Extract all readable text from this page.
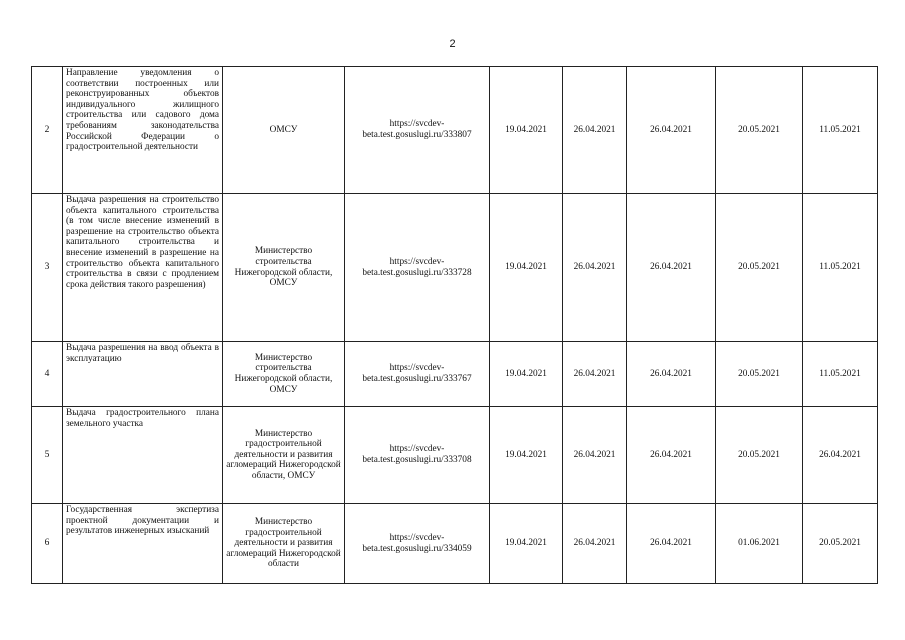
2
2	Направление уведомления о соответствии построенных или реконструированных объектов индивидуального жилищного строительства или садового дома требованиям законодательства Российской Федерации о градостроительной деятельности	ОМСУ	https://svcdev-
beta.test.gosuslugi.ru/333807	19.04.2021	26.04.2021	26.04.2021	20.05.2021	11.05.2021
3	Выдача разрешения на строительство объекта капитального строительства (в том числе внесение изменений в разрешение на строительство объекта капитального строительства и внесение изменений в разрешение на строительство объекта капитального строительства в связи с продлением срока действия такого разрешения)	Министерство строительства Нижегородской области, ОМСУ	https://svcdev-
beta.test.gosuslugi.ru/333728	19.04.2021	26.04.2021	26.04.2021	20.05.2021	11.05.2021
4	Выдача разрешения на ввод объекта в эксплуатацию	Министерство строительства Нижегородской области, ОМСУ	https://svcdev-
beta.test.gosuslugi.ru/333767	19.04.2021	26.04.2021	26.04.2021	20.05.2021	11.05.2021
5	Выдача градостроительного плана земельного участка	Министерство градостроительной деятельности и развития агломераций Нижегородской области, ОМСУ	https://svcdev-
beta.test.gosuslugi.ru/333708	19.04.2021	26.04.2021	26.04.2021	20.05.2021	26.04.2021
6	Государственная экспертиза проектной документации и результатов инженерных изысканий	Министерство градостроительной деятельности и развития агломераций Нижегородской области	https://svcdev-
beta.test.gosuslugi.ru/334059	19.04.2021	26.04.2021	26.04.2021	01.06.2021	20.05.2021
